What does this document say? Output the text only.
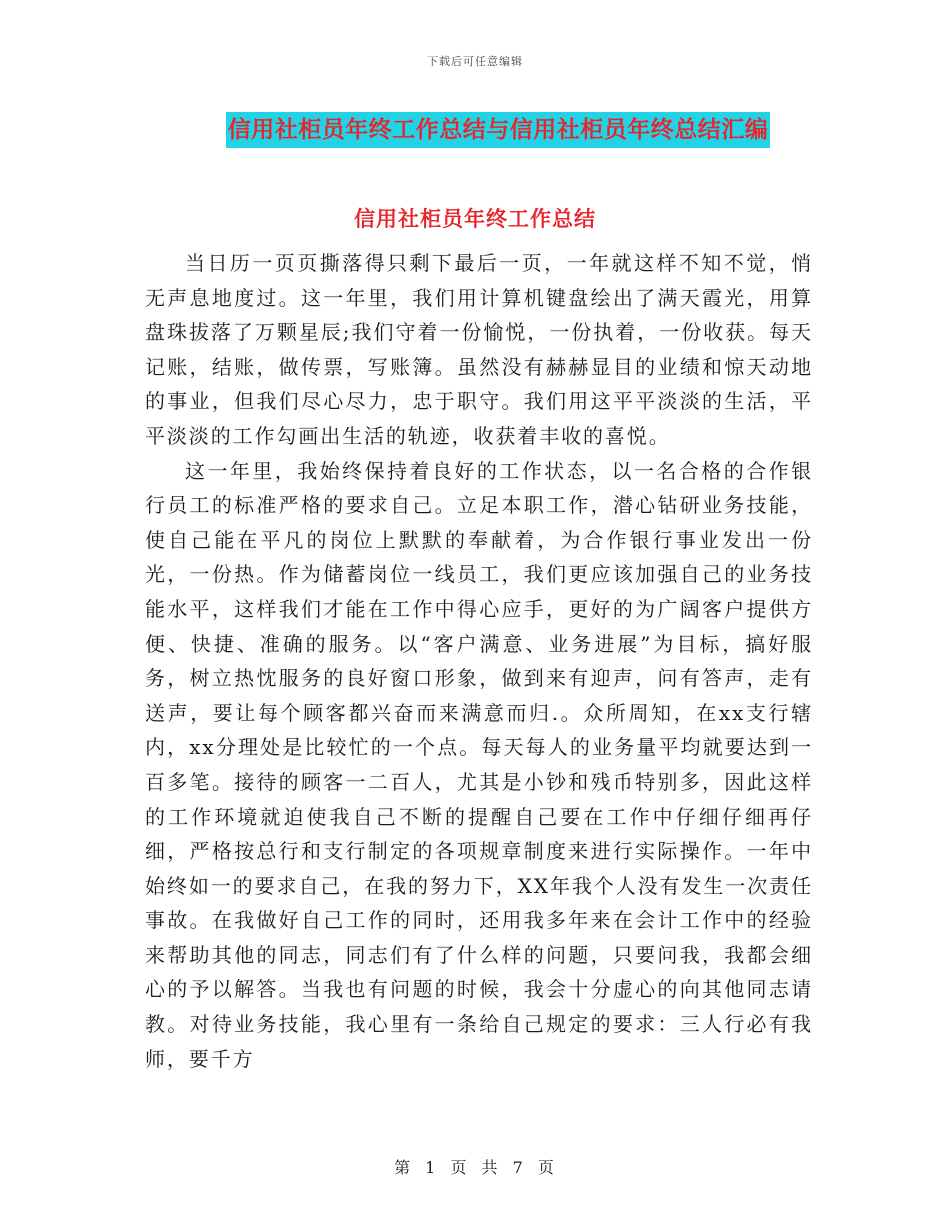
下载后可任意编辑
信用社柜员年终工作总结与信用社柜员年终总结汇编
信用社柜员年终工作总结

当日历一页页撕落得只剩下最后一页，一年就这样不知不觉，悄无声息地度过。这一年里，我们用计算机键盘绘出了满天霞光，用算盘珠拔落了万颗星辰;我们守着一份愉悦，一份执着，一份收获。每天记账，结账，做传票，写账簿。虽然没有赫赫显目的业绩和惊天动地的事业，但我们尽心尽力，忠于职守。我们用这平平淡淡的生活，平平淡淡的工作勾画出生活的轨迹，收获着丰收的喜悦。

这一年里，我始终保持着良好的工作状态，以一名合格的合作银行员工的标准严格的要求自己。立足本职工作，潜心钻研业务技能，使自己能在平凡的岗位上默默的奉献着，为合作银行事业发出一份光，一份热。作为储蓄岗位一线员工，我们更应该加强自己的业务技能水平，这样我们才能在工作中得心应手，更好的为广阔客户提供方便、快捷、准确的服务。以“客户满意、业务进展”为目标，搞好服务，树立热忱服务的良好窗口形象，做到来有迎声，问有答声，走有送声，要让每个顾客都兴奋而来满意而归.。众所周知，在xx支行辖内，xx分理处是比较忙的一个点。每天每人的业务量平均就要达到一百多笔。接待的顾客一二百人，尤其是小钞和残币特别多，因此这样的工作环境就迫使我自己不断的提醒自己要在工作中仔细仔细再仔细，严格按总行和支行制定的各项规章制度来进行实际操作。一年中始终如一的要求自己，在我的努力下，XX年我个人没有发生一次责任事故。在我做好自己工作的同时，还用我多年来在会计工作中的经验来帮助其他的同志，同志们有了什么样的问题，只要问我，我都会细心的予以解答。当我也有问题的时候，我会十分虚心的向其他同志请教。对待业务技能，我心里有一条给自己规定的要求：三人行必有我师，要千方

第 1 页 共 7 页
